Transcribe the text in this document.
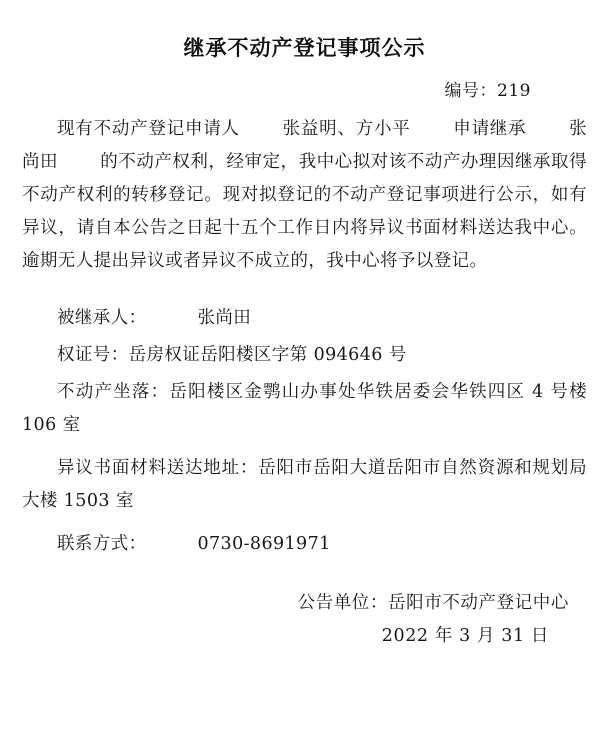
继承不动产登记事项公示
编号：219

现有不动产登记申请人 张益明、方小平 申请继承 张尚田 的不动产权利，经审定，我中心拟对该不动产办理因继承取得不动产权利的转移登记。现对拟登记的不动产登记事项进行公示，如有异议，请自本公告之日起十五个工作日内将异议书面材料送达我中心。逾期无人提出异议或者异议不成立的，我中心将予以登记。

被继承人：	张尚田

权证号：岳房权证岳阳楼区字第 094646 号

不动产坐落：岳阳楼区金鹗山办事处华铁居委会华铁四区 4 号楼 106 室

异议书面材料送达地址：岳阳市岳阳大道岳阳市自然资源和规划局大楼 1503 室

联系方式：	0730-8691971

公告单位：岳阳市不动产登记中心
2022 年 3 月 31 日
